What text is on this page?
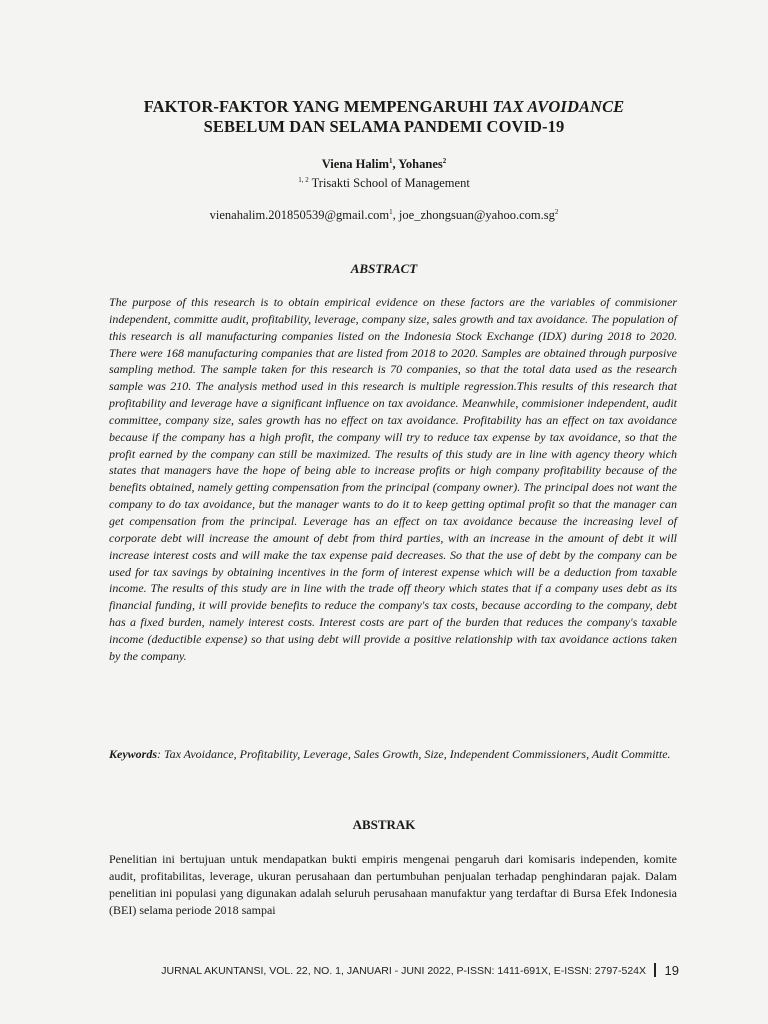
FAKTOR-FAKTOR YANG MEMPENGARUHI TAX AVOIDANCE
SEBELUM DAN SELAMA PANDEMI COVID-19
Viena Halim$^1$, Yohanes$^2$
$^{1, 2}$ Trisakti School of Management
vienahalim.201850539@gmail.com$^1$, $joe\_zhongsuan@yahoo.com.sg^2$
ABSTRACT

The purpose of this research is to obtain empirical evidence on these factors are the variables of commisioner independent, committe audit, profitability, leverage, company size, sales growth and tax avoidance. The population of this research is all manufacturing companies listed on the Indonesia Stock Exchange (IDX) during 2018 to 2020. There were 168 manufacturing companies that are listed from 2018 to 2020. Samples are obtained through purposive sampling method. The sample taken for this research is 70 companies, so that the total data used as the research sample was 210. The analysis method used in this research is multiple regression.This results of this research that profitability and leverage have a significant influence on tax avoidance. Meanwhile, commisioner independent, audit committee, company size, sales growth has no effect on tax avoidance. Profitability has an effect on tax avoidance because if the company has a high profit, the company will try to reduce tax expense by tax avoidance, so that the profit earned by the company can still be maximized. The results of this study are in line with agency theory which states that managers have the hope of being able to increase profits or high company profitability because of the benefits obtained, namely getting compensation from the principal (company owner). The principal does not want the company to do tax avoidance, but the manager wants to do it to keep getting optimal profit so that the manager can get compensation from the principal. Leverage has an effect on tax avoidance because the increasing level of corporate debt will increase the amount of debt from third parties, with an increase in the amount of debt it will increase interest costs and will make the tax expense paid decreases. So that the use of debt by the company can be used for tax savings by obtaining incentives in the form of interest expense which will be a deduction from taxable income. The results of this study are in line with the trade off theory which states that if a company uses debt as its financial funding, it will provide benefits to reduce the company's tax costs, because according to the company, debt has a fixed burden, namely interest costs. Interest costs are part of the burden that reduces the company's taxable income (deductible expense) so that using debt will provide a positive relationship with tax avoidance actions taken by the company.

Keywords: Tax Avoidance, Profitability, Leverage, Sales Growth, Size, Independent Commissioners, Audit Committe.
ABSTRAK

Penelitian ini bertujuan untuk mendapatkan bukti empiris mengenai pengaruh dari komisaris independen, komite audit, profitabilitas, leverage, ukuran perusahaan dan pertumbuhan penjualan terhadap penghindaran pajak. Dalam penelitian ini populasi yang digunakan adalah seluruh perusahaan manufaktur yang terdaftar di Bursa Efek Indonesia (BEI) selama periode 2018 sampai

JURNAL AKUNTANSI, VOL. 22, NO. 1, JANUARI - JUNI 2022, P-ISSN: 1411-691X, E-ISSN: 2797-524X 19
